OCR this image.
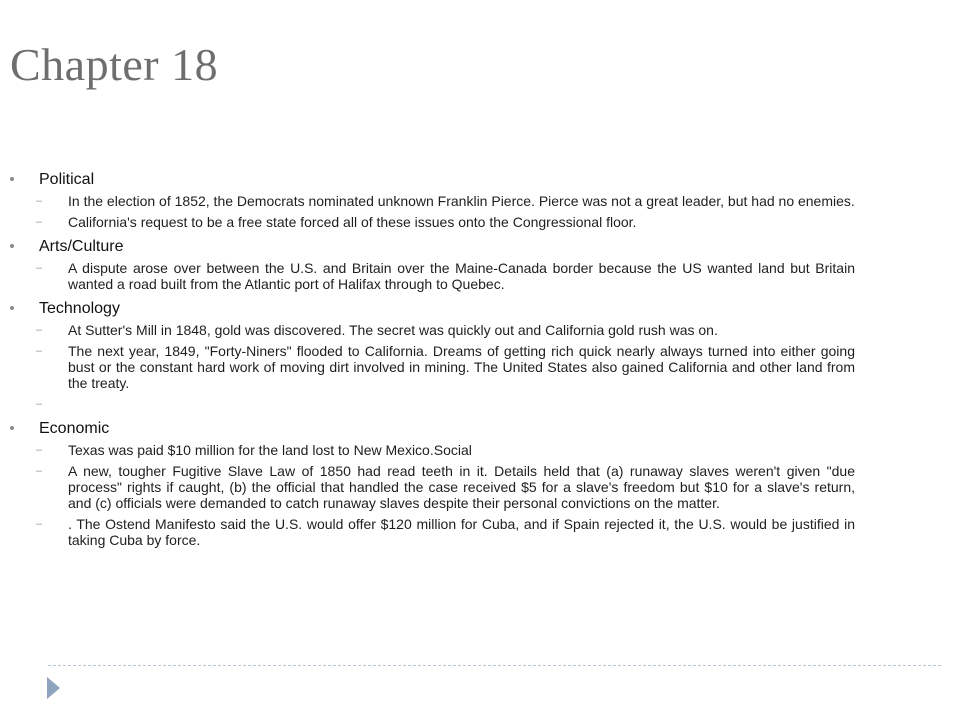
Chapter 18
Political
– In the election of 1852, the Democrats nominated unknown Franklin Pierce. Pierce was not a great leader, but had no enemies.
– California's request to be a free state forced all of these issues onto the Congressional floor.
Arts/Culture
– A dispute arose over between the U.S. and Britain over the Maine-Canada border because the US wanted land but Britain wanted a road built from the Atlantic port of Halifax through to Quebec.
Technology
– At Sutter's Mill in 1848, gold was discovered. The secret was quickly out and California gold rush was on.
– The next year, 1849, "Forty-Niners" flooded to California. Dreams of getting rich quick nearly always turned into either going bust or the constant hard work of moving dirt involved in mining. The United States also gained California and other land from the treaty.
–
Economic
– Texas was paid $10 million for the land lost to New Mexico.Social
– A new, tougher Fugitive Slave Law of 1850 had read teeth in it. Details held that (a) runaway slaves weren't given "due process" rights if caught, (b) the official that handled the case received $5 for a slave's freedom but $10 for a slave's return, and (c) officials were demanded to catch runaway slaves despite their personal convictions on the matter.
– . The Ostend Manifesto said the U.S. would offer $120 million for Cuba, and if Spain rejected it, the U.S. would be justified in taking Cuba by force.
